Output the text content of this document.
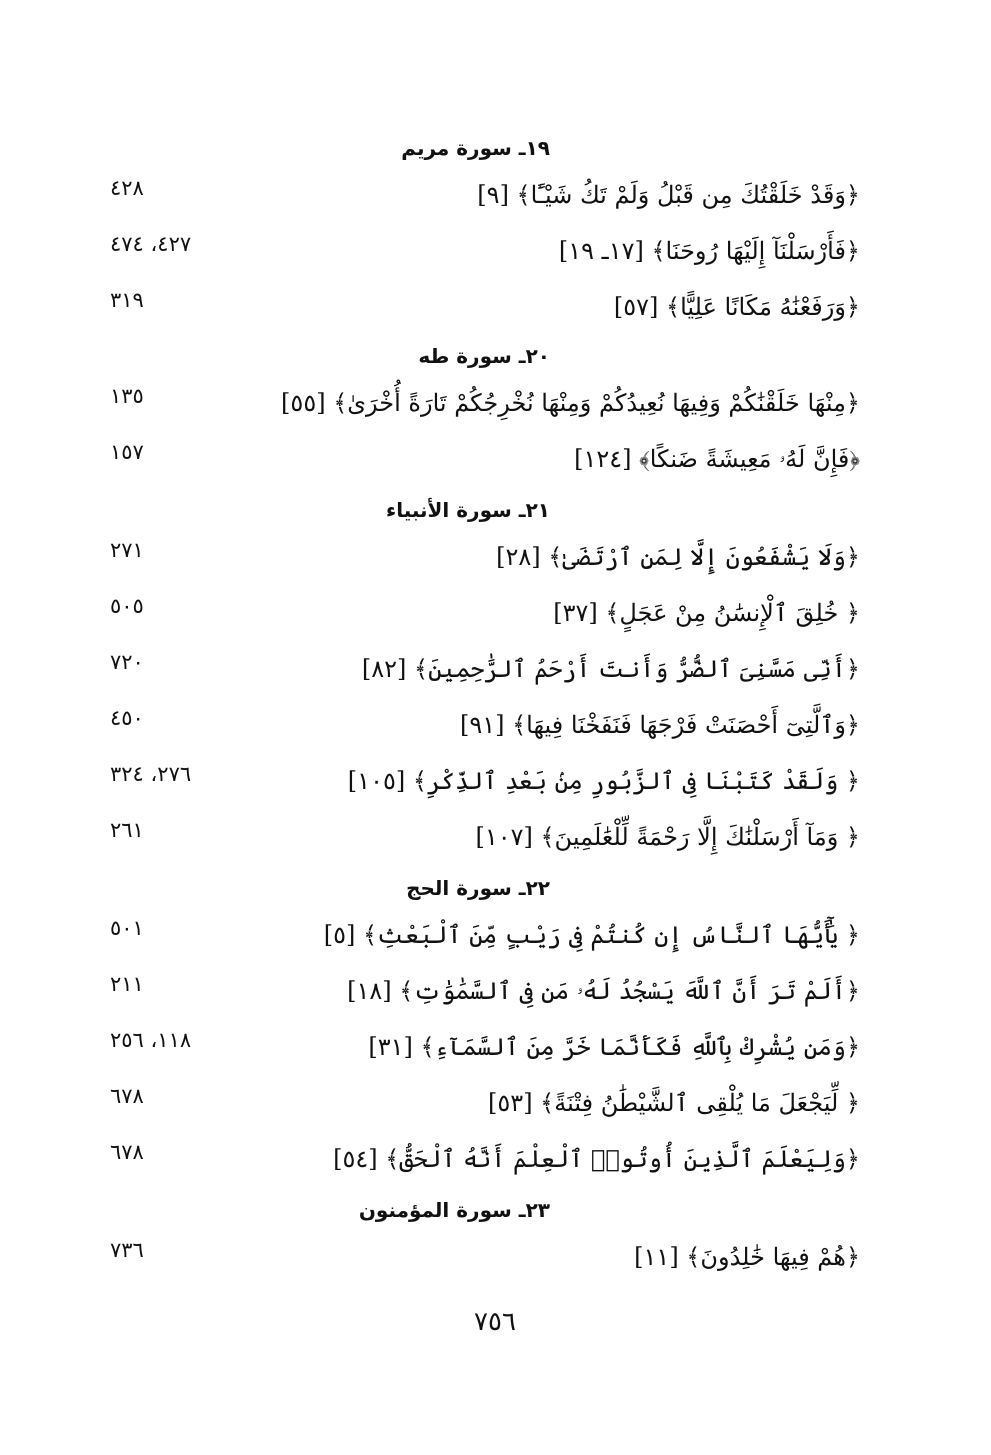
١٩ـ سورة مريم
﴿وَقَدْ خَلَقْتُكَ مِن قَبْلُ وَلَمْ تَكُ شَيْـًٔا﴾ [٩]
٤٢٨
﴿فَأَرْسَلْنَآ إِلَيْهَا رُوحَنَا﴾ [١٧ـ ١٩]
٤٢٧، ٤٧٤
﴿وَرَفَعْنَٰهُ مَكَانًا عَلِيًّا﴾ [٥٧]
٣١٩
٢٠ـ سورة طه
﴿مِنْهَا خَلَقْنَٰكُمْ وَفِيهَا نُعِيدُكُمْ وَمِنْهَا نُخْرِجُكُمْ تَارَةً أُخْرَىٰ﴾ [٥٥]
١٣٥
﴿فَإِنَّ لَهُۥ مَعِيشَةً ضَنكًا﴾ [١٢٤]
١٥٧
٢١ـ سورة الأنبياء
﴿وَلَا يَشْفَعُونَ إِلَّا لِمَنِ ٱرْتَضَىٰ﴾ [٢٨]
٢٧١
﴿ خُلِقَ ٱلْإِنسَٰنُ مِنْ عَجَلٍ﴾ [٣٧]
٥٠٥
﴿أَنِّى مَسَّنِىَ ٱلضُّرُّ وَأَنتَ أَرْحَمُ ٱلرَّٰحِمِينَ﴾ [٨٢]
٧٢٠
﴿وَٱلَّتِىٓ أَحْصَنَتْ فَرْجَهَا فَنَفَخْنَا فِيهَا﴾ [٩١]
٤٥٠
﴿ وَلَقَدْ كَتَبْنَا فِى ٱلزَّبُورِ مِنۢ بَعْدِ ٱلذِّكْرِ﴾ [١٠٥]
٢٧٦، ٣٢٤
﴿ وَمَآ أَرْسَلْنَٰكَ إِلَّا رَحْمَةً لِّلْعَٰلَمِينَ﴾ [١٠٧]
٢٦١
٢٢ـ سورة الحج
﴿ يَٰٓأَيُّهَا ٱلنَّاسُ إِن كُنتُمْ فِى رَيْبٍ مِّنَ ٱلْبَعْثِ﴾ [٥]
٥٠١
﴿أَلَمْ تَرَ أَنَّ ٱللَّهَ يَسْجُدُ لَهُۥ مَن فِى ٱلسَّمَٰوَٰتِ﴾ [١٨]
٢١١
﴿وَمَن يُشْرِكْ بِٱللَّهِ فَكَأَنَّمَا خَرَّ مِنَ ٱلسَّمَآءِ﴾ [٣١]
١١٨، ٢٥٦
﴿ لِّيَجْعَلَ مَا يُلْقِى ٱلشَّيْطَٰنُ فِتْنَةً﴾ [٥٣]
٦٧٨
﴿وَلِيَعْلَمَ ٱلَّذِينَ أُوتُوا۟ ٱلْعِلْمَ أَنَّهُ ٱلْحَقُّ﴾ [٥٤]
٦٧٨
٢٣ـ سورة المؤمنون
﴿هُمْ فِيهَا خَٰلِدُونَ﴾ [١١]
٧٣٦
٧٥٦
